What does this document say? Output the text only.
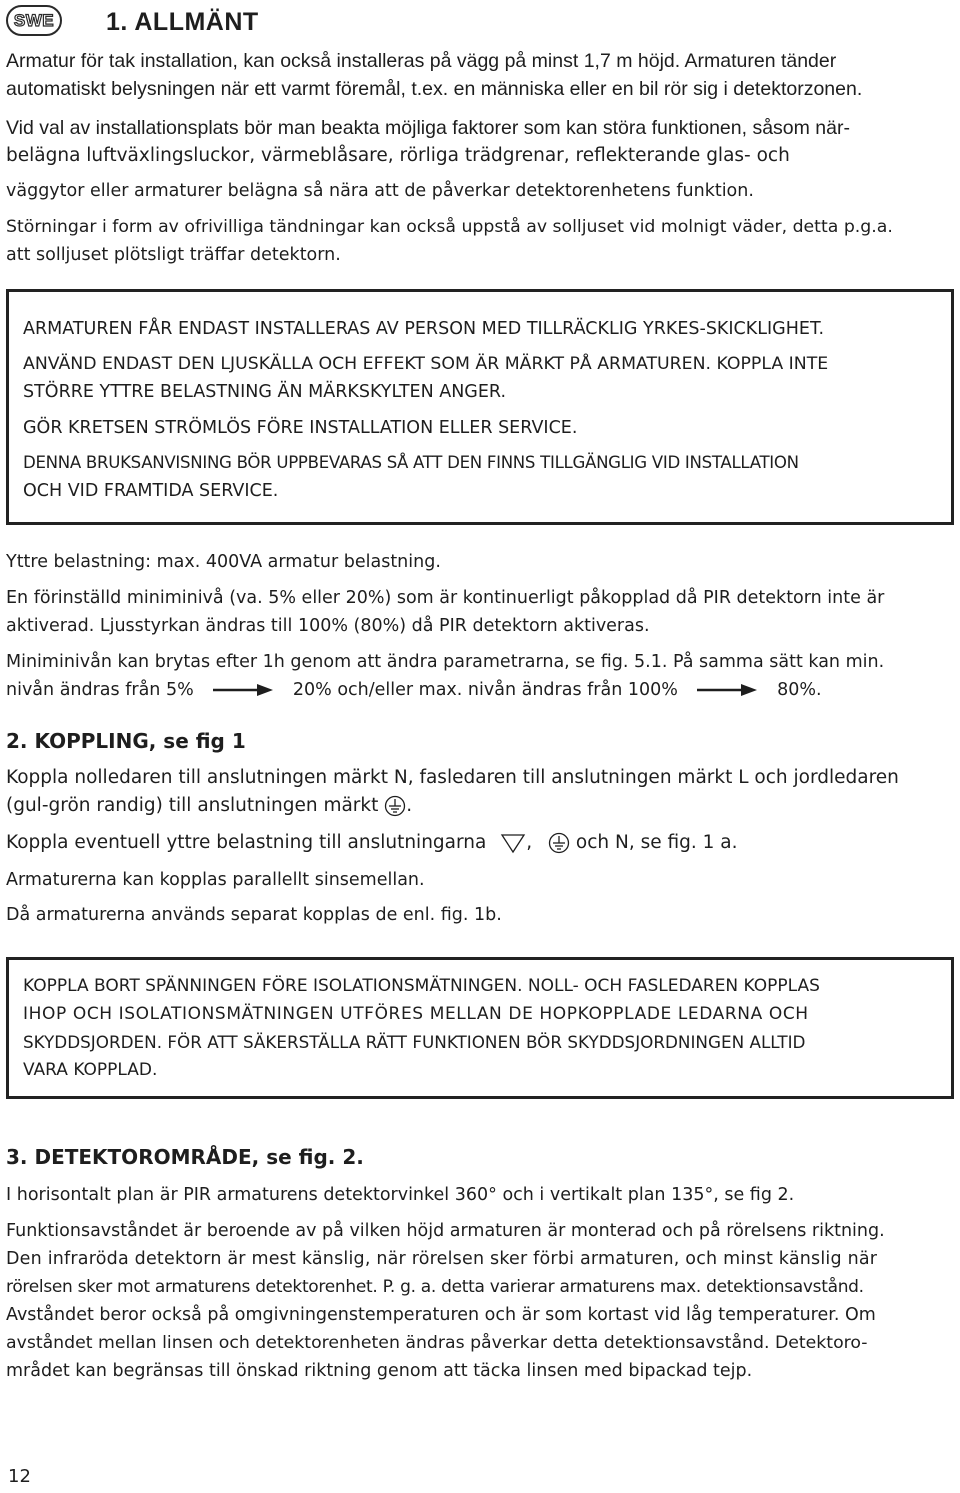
SWE	1. ALLMÄNT

Armatur för tak installation, kan också installeras på vägg på minst 1,7 m höjd. Armaturen tänder

automatiskt belysningen när ett varmt föremål, t.ex. en människa eller en bil rör sig i detektorzonen.

Vid val av installationsplats bör man beakta möjliga faktorer som kan störa funktionen, såsom när-

belägna luftväxlingsluckor, värmeblåsare, rörliga trädgrenar, reflekterande glas- och

väggytor eller armaturer belägna så nära att de påverkar detektorenhetens funktion.

Störningar i form av ofrivilliga tändningar kan också uppstå av solljuset vid molnigt väder, detta p.g.a.

att solljuset plötsligt träffar detektorn.

ARMATUREN FÅR ENDAST INSTALLERAS AV PERSON MED TILLRÄCKLIG YRKES-SKICKLIGHET.
ANVÄND ENDAST DEN LJUSKÄLLA OCH EFFEKT SOM ÄR MÄRKT PÅ ARMATUREN. KOPPLA INTE
STÖRRE YTTRE BELASTNING ÄN MÄRKSKYLTEN ANGER.
GÖR KRETSEN STRÖMLÖS FÖRE INSTALLATION ELLER SERVICE.
DENNA BRUKSANVISNING BÖR UPPBEVARAS SÅ ATT DEN FINNS TILLGÄNGLIG VID INSTALLATION
OCH VID FRAMTIDA SERVICE.

Yttre belastning: max. 400VA armatur belastning.

En förinställd miniminivå (va. 5% eller 20%) som är kontinuerligt påkopplad då PIR detektorn inte är

aktiverad. Ljusstyrkan ändras till 100% (80%) då PIR detektorn aktiveras.

Miniminivån kan brytas efter 1h genom att ändra parametrarna, se fig. 5.1. På samma sätt kan min.

nivån ändras från 5%	20% och/eller max. nivån ändras från 100%	80%.

2. KOPPLING, se fig 1

Koppla nolledaren till anslutningen märkt N, fasledaren till anslutningen märkt L och jordledaren

(gul-grön randig) till anslutningen märkt .

Koppla eventuell yttre belastning till anslutningarna , och N, se fig. 1 a.

Armaturerna kan kopplas parallellt sinsemellan.

Då armaturerna används separat kopplas de enl. fig. 1b.

KOPPLA BORT SPÄNNINGEN FÖRE ISOLATIONSMÄTNINGEN. NOLL- OCH FASLEDAREN KOPPLAS
IHOP OCH ISOLATIONSMÄTNINGEN UTFÖRES MELLAN DE HOPKOPPLADE LEDARNA OCH
SKYDDSJORDEN. FÖR ATT SÄKERSTÄLLA RÄTT FUNKTIONEN BÖR SKYDDSJORDNINGEN ALLTID
VARA KOPPLAD.
3. DETEKTOROMRÅDE, se fig. 2.

I horisontalt plan är PIR armaturens detektorvinkel 360° och i vertikalt plan 135°, se fig 2.

Funktionsavståndet är beroende av på vilken höjd armaturen är monterad och på rörelsens riktning.

Den infraröda detektorn är mest känslig, när rörelsen sker förbi armaturen, och minst känslig när

rörelsen sker mot armaturens detektorenhet. P. g. a. detta varierar armaturens max. detektionsavstånd.

Avståndet beror också på omgivningenstemperaturen och är som kortast vid låg temperaturer. Om

avståndet mellan linsen och detektorenheten ändras påverkar detta detektionsavstånd. Detektoro-

mrådet kan begränsas till önskad riktning genom att täcka linsen med bipackad tejp.

12
